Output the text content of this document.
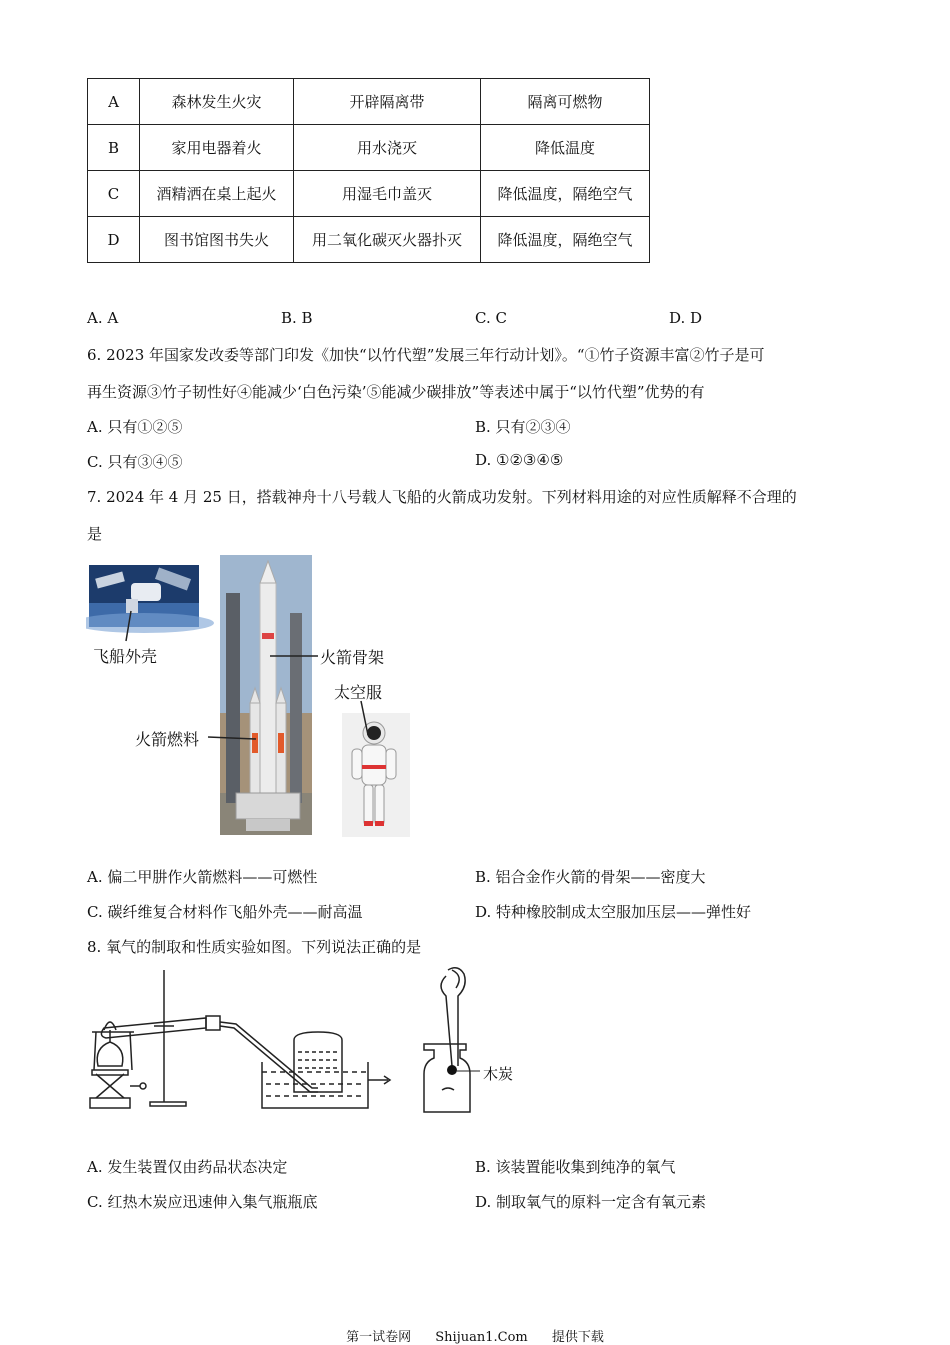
A	森林发生火灾	开辟隔离带	隔离可燃物
B	家用电器着火	用水浇灭	降低温度
C	酒精洒在桌上起火	用湿毛巾盖灭	降低温度，隔绝空气
D	图书馆图书失火	用二氧化碳灭火器扑灭	降低温度，隔绝空气
A. A	B. B	C. C	D. D
6. 2023 年国家发改委等部门印发《加快“以竹代塑”发展三年行动计划》。“①竹子资源丰富②竹子是可
再生资源③竹子韧性好④能减少‘白色污染’⑤能减少碳排放”等表述中属于“以竹代塑”优势的有
A. 只有①②⑤	B. 只有②③④
C. 只有③④⑤	D. ①②③④⑤
7. 2024 年 4 月 25 日，搭载神舟十八号载人飞船的火箭成功发射。下列材料用途的对应性质解释不合理的
是
飞船外壳	火箭骨架
太空服
火箭燃料
A. 偏二甲肼作火箭燃料——可燃性	B. 铝合金作火箭的骨架——密度大
C. 碳纤维复合材料作飞船外壳——耐高温	D. 特种橡胶制成太空服加压层——弹性好
8. 氧气的制取和性质实验如图。下列说法正确的是
木炭
A. 发生装置仅由药品状态决定	B. 该装置能收集到纯净的氧气
C. 红热木炭应迅速伸入集气瓶瓶底	D. 制取氧气的原料一定含有氧元素
第一试卷网 Shijuan1.Com 提供下载
